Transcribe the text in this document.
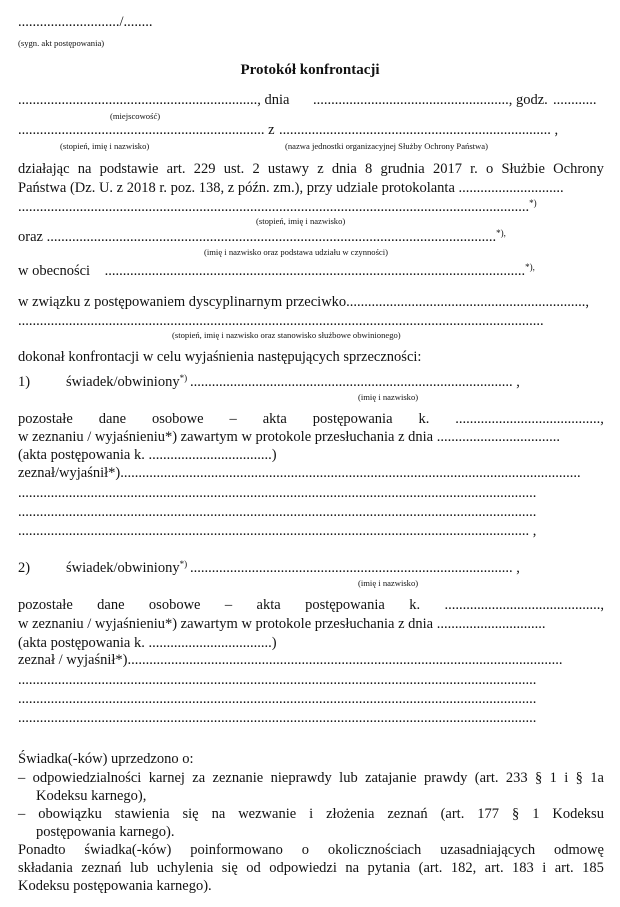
............................/........
(sygn. akt postępowania)
Protokół konfrontacji
.................................................................., dnia ......................................................, godz. ............
(miejscowość)
.................................................................... z ........................................................................... ,
(stopień, imię i nazwisko)	(nazwa jednostki organizacyjnej Służby Ochrony Państwa)
działając na podstawie art. 229 ust. 2 ustawy z dnia 8 grudnia 2017 r. o Służbie Ochrony
Państwa (Dz. U. z 2018 r. poz. 138, z późn. zm.), przy udziale protokolanta .............................
.............................................................................................................................................*)
(stopień, imię i nazwisko)
oraz ............................................................................................................................*),
(imię i nazwisko oraz podstawa udziału w czynności)
w obecności ....................................................................................................................*),
w związku z postępowaniem dyscyplinarnym przeciwko..................................................................,
.................................................................................................................................................
(stopień, imię i nazwisko oraz stanowisko służbowe obwinionego)
dokonał konfrontacji w celu wyjaśnienia następujących sprzeczności:
1) świadek/obwiniony*) ......................................................................................... ,
(imię i nazwisko)
pozostałe dane osobowe – akta postępowania k. ........................................,
w zeznaniu / wyjaśnieniu*) zawartym w protokole przesłuchania z dnia ..................................
(akta postępowania k. ..................................)
zeznał/wyjaśnił*)...............................................................................................................................
...............................................................................................................................................
...............................................................................................................................................
............................................................................................................................................. ,
2) świadek/obwiniony*) ......................................................................................... ,
(imię i nazwisko)
pozostałe dane osobowe – akta postępowania k. ...........................................,
w zeznaniu / wyjaśnieniu*) zawartym w protokole przesłuchania z dnia ..............................
(akta postępowania k. ..................................)
zeznał / wyjaśnił*)........................................................................................................................
...............................................................................................................................................
...............................................................................................................................................
...............................................................................................................................................
Świadka(-ków) uprzedzono o:
– odpowiedzialności karnej za zeznanie nieprawdy lub zatajanie prawdy (art. 233 § 1 i § 1a
Kodeksu karnego),
– obowiązku stawienia się na wezwanie i złożenia zeznań (art. 177 § 1 Kodeksu
postępowania karnego).
Ponadto świadka(-ków) poinformowano o okolicznościach uzasadniających odmowę
składania zeznań lub uchylenia się od odpowiedzi na pytania (art. 182, art. 183 i art. 185
Kodeksu postępowania karnego).
